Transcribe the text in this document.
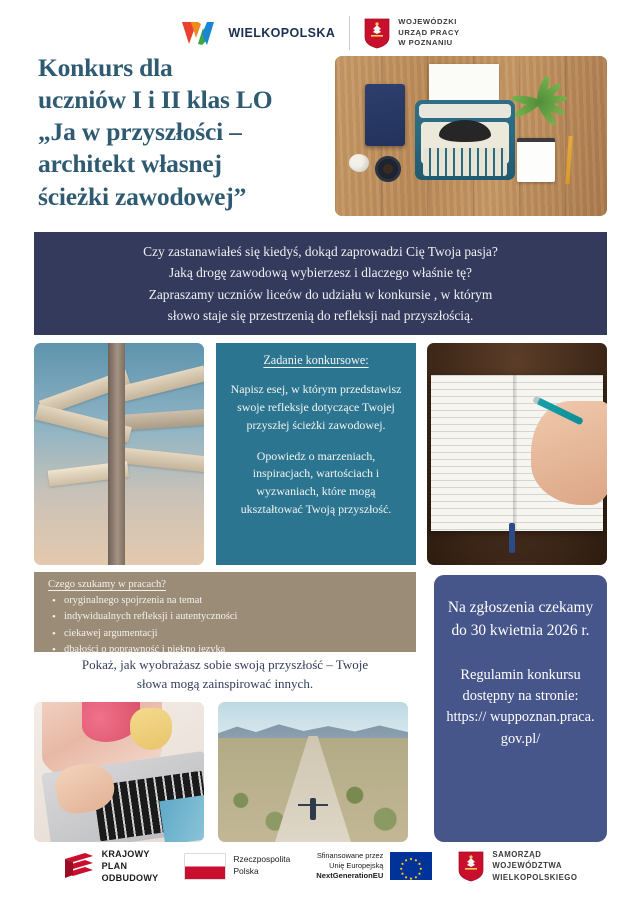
WIELKOPOLSKA
WOJEWÓDZKI
URZĄD PRACY
W POZNANIU
Konkurs dla
uczniów I i II klas LO
„Ja w przyszłości –
architekt własnej
ścieżki zawodowej”
Czy zastanawiałeś się kiedyś, dokąd zaprowadzi Cię Twoja pasja?
Jaką drogę zawodową wybierzesz i dlaczego właśnie tę?
Zapraszamy uczniów liceów do udziału w konkursie , w którym
słowo staje się przestrzenią do refleksji nad przyszłością.
Zadanie konkursowe:
Napisz esej, w którym przedstawisz swoje refleksje dotyczące Twojej przyszłej ścieżki zawodowej.
Opowiedz o marzeniach, inspiracjach, wartościach i wyzwaniach, które mogą ukształtować Twoją przyszłość.
Czego szukamy w pracach?
• oryginalnego spojrzenia na temat
• indywidualnych refleksji i autentyczności
• ciekawej argumentacji
• dbałości o poprawność i piękno języka
Pokaż, jak wyobrażasz sobie swoją przyszłość – Twoje
słowa mogą zainspirować innych.
Na zgłoszenia czekamy do 30 kwietnia 2026 r.
Regulamin konkursu dostępny na stronie: https:// wuppoznan.praca. gov.pl/
KRAJOWY
PLAN
ODBUDOWY
Rzeczpospolita
Polska
Sfinansowane przez
Unię Europejską
NextGenerationEU
SAMORZĄD
WOJEWÓDZTWA
WIELKOPOLSKIEGO
